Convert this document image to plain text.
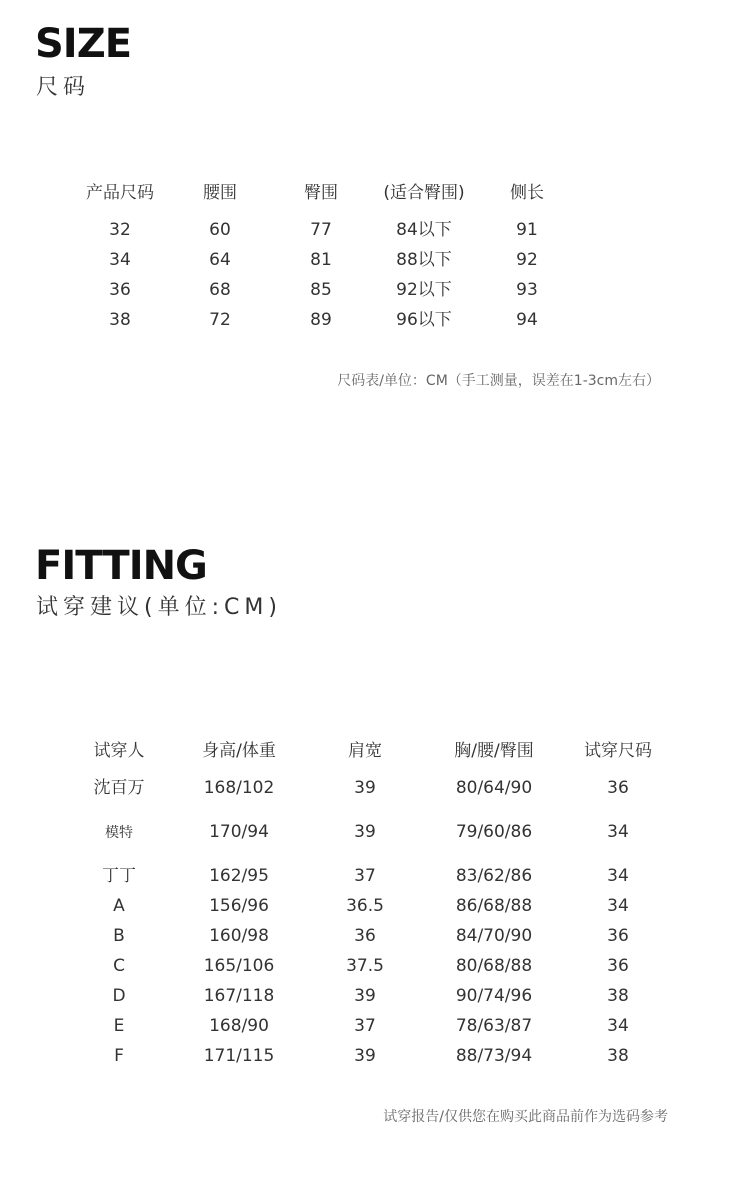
SIZE
尺码
产品尺码	腰围	臀围	(适合臀围)	侧长
32	60	77	84以下	91
34	64	81	88以下	92
36	68	85	92以下	93
38	72	89	96以下	94
尺码表/单位：CM（手工测量，误差在1-3cm左右）
FITTING
试穿建议(单位:CM)
试穿人	身高/体重	肩宽	胸/腰/臀围	试穿尺码
沈百万	168/102	39	80/64/90	36
模特	170/94	39	79/60/86	34
丁丁	162/95	37	83/62/86	34
A	156/96	36.5	86/68/88	34
B	160/98	36	84/70/90	36
C	165/106	37.5	80/68/88	36
D	167/118	39	90/74/96	38
E	168/90	37	78/63/87	34
F	171/115	39	88/73/94	38
试穿报告/仅供您在购买此商品前作为选码参考
